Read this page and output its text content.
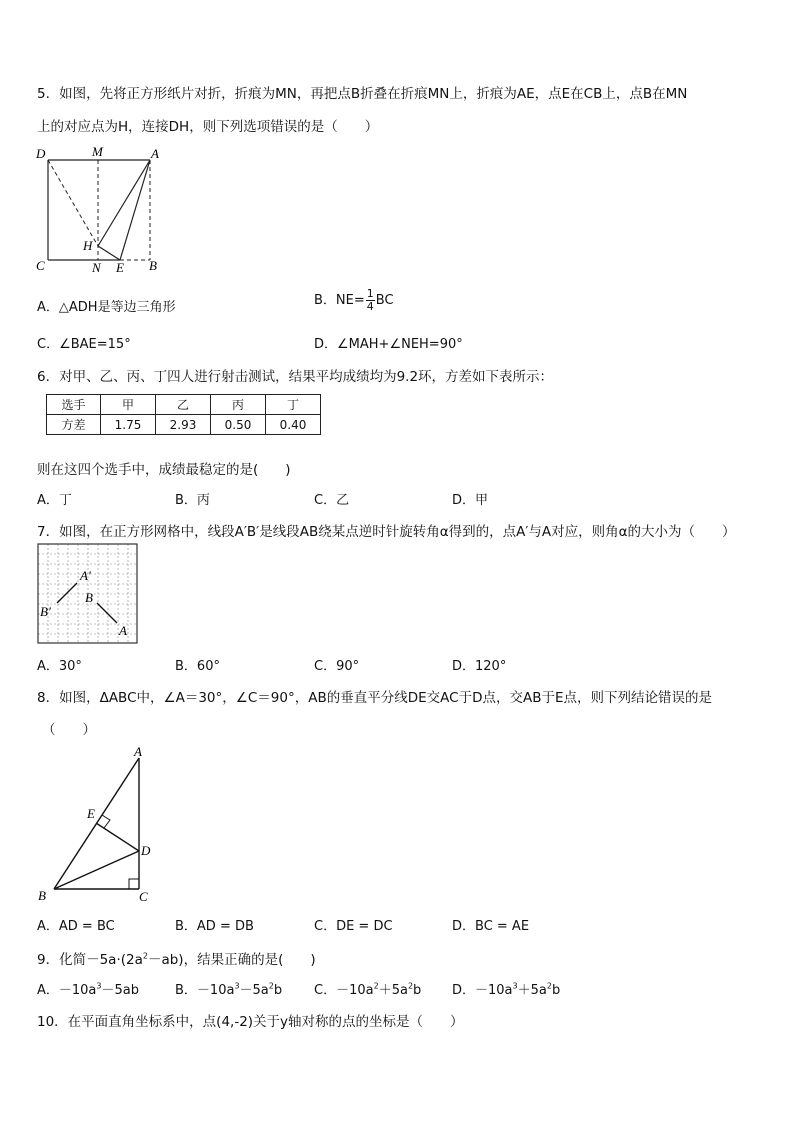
5．如图，先将正方形纸片对折，折痕为MN，再把点B折叠在折痕MN上，折痕为AE，点E在CB上，点B在MN
上的对应点为H，连接DH，则下列选项错误的是（　　）
D	M	A
H
C	N E B
A．△ADH是等边三角形	B．$NE= \frac{1}{4}$ BC
C．∠BAE=15°	D．∠MAH+∠NEH=90°
6．对甲、乙、丙、丁四人进行射击测试，结果平均成绩均为9.2环，方差如下表所示：
选手	甲	乙	丙	丁
方差	1.75	2.93	0.50	0.40
则在这四个选手中，成绩最稳定的是(　　)
A．丁	B．丙	C．乙	D．甲
7．如图，在正方形网格中，线段A′B′是线段AB绕某点逆时针旋转角α得到的，点A′与A对应，则角α的大小为（　　）
A′
B′
B
A
A．30°	B．60°	C．90°	D．120°
8．如图，ΔABC中，∠A＝30°，∠C＝90°，AB的垂直平分线DE交AC于D点，交AB于E点，则下列结论错误的是
（　　）
A
E
D
B	C
A．AD = BC	B．AD = DB	C．DE = DC	D．BC = AE
9．化简$-5a\cdot(2a^2-ab)$，结果正确的是(　　)
A．$-10a^3-5ab$	B．$-10a^3-5a^2b$ C．$-10a^2+5a^2b$ D．$-10a^3+5a^2b$
10．在平面直角坐标系中，点(4,-2)关于y轴对称的点的坐标是（　　）
